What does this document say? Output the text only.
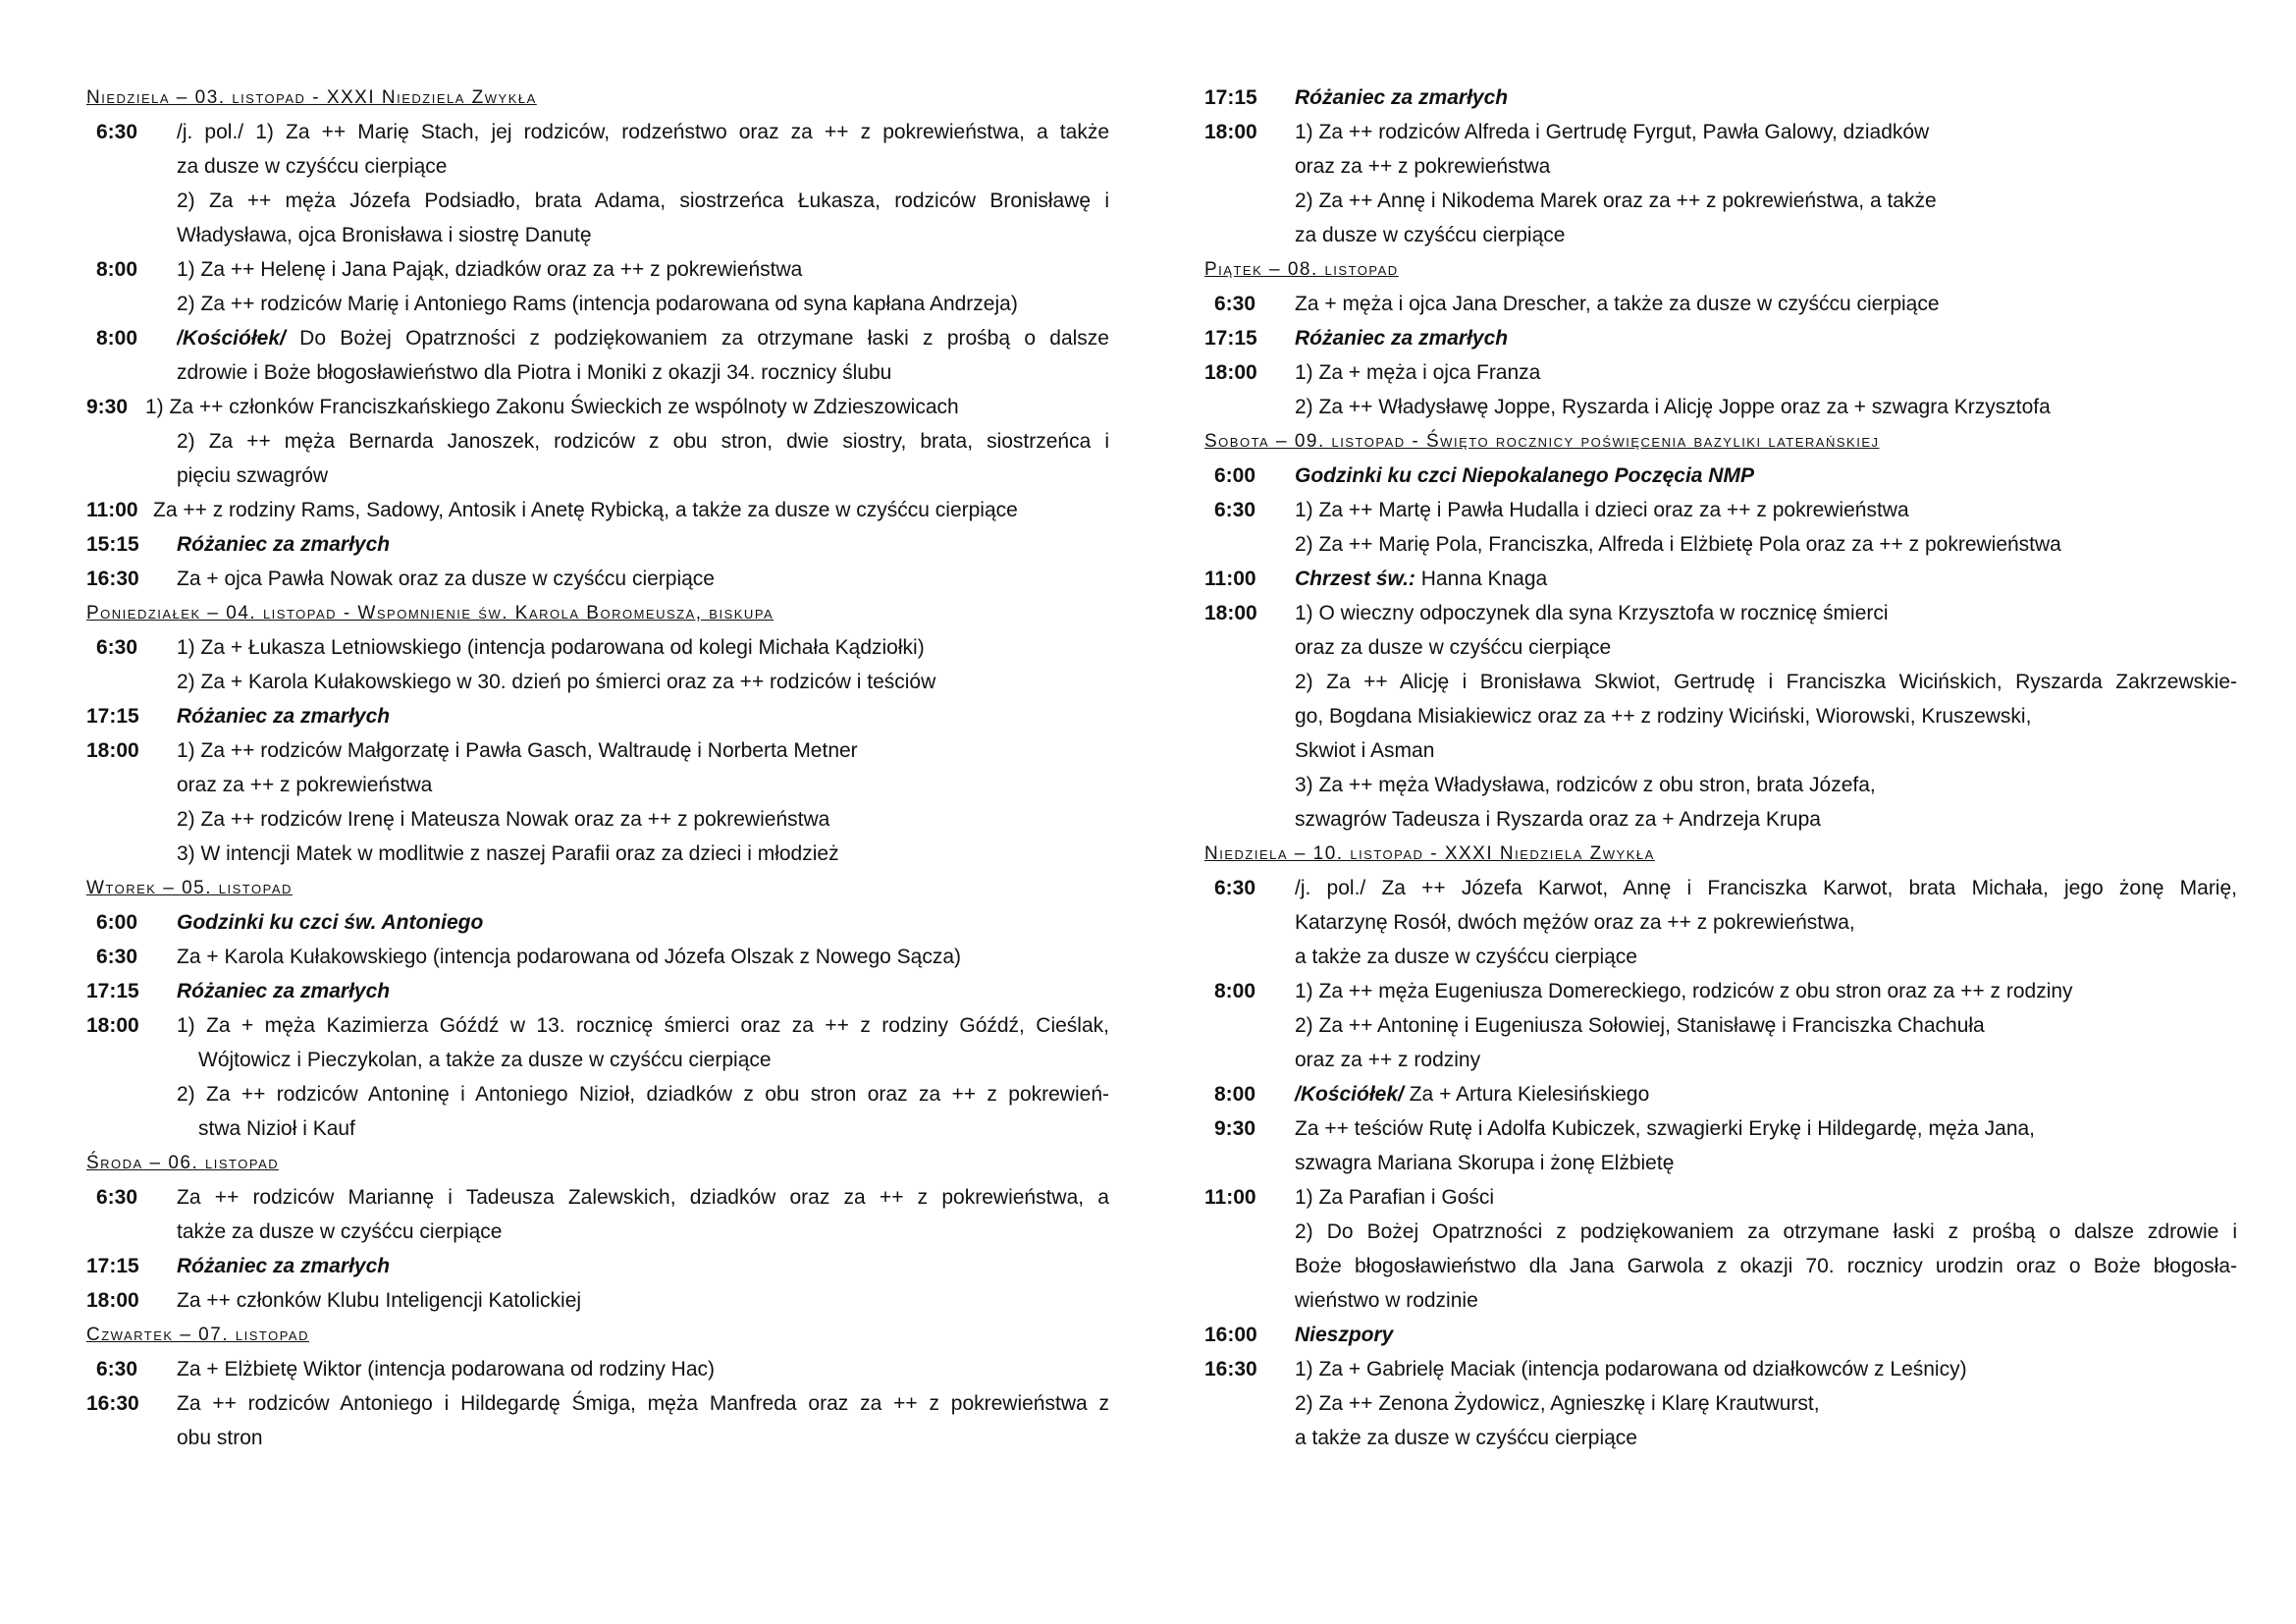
Niedziela – 03. listopad - XXXI Niedziela Zwykła
6:30	/j. pol./ 1) Za ++ Marię Stach, jej rodziców, rodzeństwo oraz za ++ z pokrewieństwa, a także
za dusze w czyśćcu cierpiące
2) Za ++ męża Józefa Podsiadło, brata Adama, siostrzeńca Łukasza, rodziców Bronisławę i
Władysława, ojca Bronisława i siostrę Danutę
8:00	1) Za ++ Helenę i Jana Pająk, dziadków oraz za ++ z pokrewieństwa
2) Za ++ rodziców Marię i Antoniego Rams (intencja podarowana od syna kapłana Andrzeja)
8:00	/Kościółek/ Do Bożej Opatrzności z podziękowaniem za otrzymane łaski z prośbą o dalsze
zdrowie i Boże błogosławieństwo dla Piotra i Moniki z okazji 34. rocznicy ślubu
9:30 1) Za ++ członków Franciszkańskiego Zakonu Świeckich ze wspólnoty w Zdzieszowicach
2) Za ++ męża Bernarda Janoszek, rodziców z obu stron, dwie siostry, brata, siostrzeńca i
pięciu szwagrów
11:00 Za ++ z rodziny Rams, Sadowy, Antosik i Anetę Rybicką, a także za dusze w czyśćcu cierpiące
15:15	Różaniec za zmarłych
16:30	Za + ojca Pawła Nowak oraz za dusze w czyśćcu cierpiące
Poniedziałek – 04. listopad - Wspomnienie św. Karola Boromeusza, biskupa
6:30	1) Za + Łukasza Letniowskiego (intencja podarowana od kolegi Michała Kądziołki)
2) Za + Karola Kułakowskiego w 30. dzień po śmierci oraz za ++ rodziców i teściów
17:15	Różaniec za zmarłych
18:00	1) Za ++ rodziców Małgorzatę i Pawła Gasch, Waltraudę i Norberta Metner
oraz za ++ z pokrewieństwa
2) Za ++ rodziców Irenę i Mateusza Nowak oraz za ++ z pokrewieństwa
3) W intencji Matek w modlitwie z naszej Parafii oraz za dzieci i młodzież
Wtorek – 05. listopad
6:00	Godzinki ku czci św. Antoniego
6:30	Za + Karola Kułakowskiego (intencja podarowana od Józefa Olszak z Nowego Sącza)
17:15	Różaniec za zmarłych
18:00	1) Za + męża Kazimierza Góźdź w 13. rocznicę śmierci oraz za ++ z rodziny Góźdź, Cieślak,
Wójtowicz i Pieczykolan, a także za dusze w czyśćcu cierpiące
2) Za ++ rodziców Antoninę i Antoniego Nizioł, dziadków z obu stron oraz za ++ z pokrewień-
stwa Nizioł i Kauf
Środa – 06. listopad
6:30	Za ++ rodziców Mariannę i Tadeusza Zalewskich, dziadków oraz za ++ z pokrewieństwa, a
także za dusze w czyśćcu cierpiące
17:15	Różaniec za zmarłych
18:00	Za ++ członków Klubu Inteligencji Katolickiej
Czwartek – 07. listopad
6:30	Za + Elżbietę Wiktor (intencja podarowana od rodziny Hac)
16:30	Za ++ rodziców Antoniego i Hildegardę Śmiga, męża Manfreda oraz za ++ z pokrewieństwa z
obu stron
17:15	Różaniec za zmarłych
18:00	1) Za ++ rodziców Alfreda i Gertrudę Fyrgut, Pawła Galowy, dziadków
oraz za ++ z pokrewieństwa
2) Za ++ Annę i Nikodema Marek oraz za ++ z pokrewieństwa, a także
za dusze w czyśćcu cierpiące
Piątek – 08. listopad
6:30	Za + męża i ojca Jana Drescher, a także za dusze w czyśćcu cierpiące
17:15	Różaniec za zmarłych
18:00	1) Za + męża i ojca Franza
2) Za ++ Władysławę Joppe, Ryszarda i Alicję Joppe oraz za + szwagra Krzysztofa
Sobota – 09. listopad - Święto rocznicy poświęcenia bazyliki laterańskiej
6:00	Godzinki ku czci Niepokalanego Poczęcia NMP
6:30	1) Za ++ Martę i Pawła Hudalla i dzieci oraz za ++ z pokrewieństwa
2) Za ++ Marię Pola, Franciszka, Alfreda i Elżbietę Pola oraz za ++ z pokrewieństwa
11:00	Chrzest św.: Hanna Knaga
18:00	1) O wieczny odpoczynek dla syna Krzysztofa w rocznicę śmierci
oraz za dusze w czyśćcu cierpiące
2) Za ++ Alicję i Bronisława Skwiot, Gertrudę i Franciszka Wicińskich, Ryszarda Zakrzewskie-
go, Bogdana Misiakiewicz oraz za ++ z rodziny Wiciński, Wiorowski, Kruszewski,
Skwiot i Asman
3) Za ++ męża Władysława, rodziców z obu stron, brata Józefa,
szwagrów Tadeusza i Ryszarda oraz za + Andrzeja Krupa
Niedziela – 10. listopad - XXXI Niedziela Zwykła
6:30	/j. pol./ Za ++ Józefa Karwot, Annę i Franciszka Karwot, brata Michała, jego żonę Marię,
Katarzynę Rosół, dwóch mężów oraz za ++ z pokrewieństwa,
a także za dusze w czyśćcu cierpiące
8:00	1) Za ++ męża Eugeniusza Domereckiego, rodziców z obu stron oraz za ++ z rodziny
2) Za ++ Antoninę i Eugeniusza Sołowiej, Stanisławę i Franciszka Chachuła
oraz za ++ z rodziny
8:00	/Kościółek/ Za + Artura Kielesińskiego
9:30	Za ++ teściów Rutę i Adolfa Kubiczek, szwagierki Erykę i Hildegardę, męża Jana,
szwagra Mariana Skorupa i żonę Elżbietę
11:00	1) Za Parafian i Gości
2) Do Bożej Opatrzności z podziękowaniem za otrzymane łaski z prośbą o dalsze zdrowie i
Boże błogosławieństwo dla Jana Garwola z okazji 70. rocznicy urodzin oraz o Boże błogosła-
wieństwo w rodzinie
16:00	Nieszpory
16:30	1) Za + Gabrielę Maciak (intencja podarowana od działkowców z Leśnicy)
2) Za ++ Zenona Żydowicz, Agnieszkę i Klarę Krautwurst,
a także za dusze w czyśćcu cierpiące
